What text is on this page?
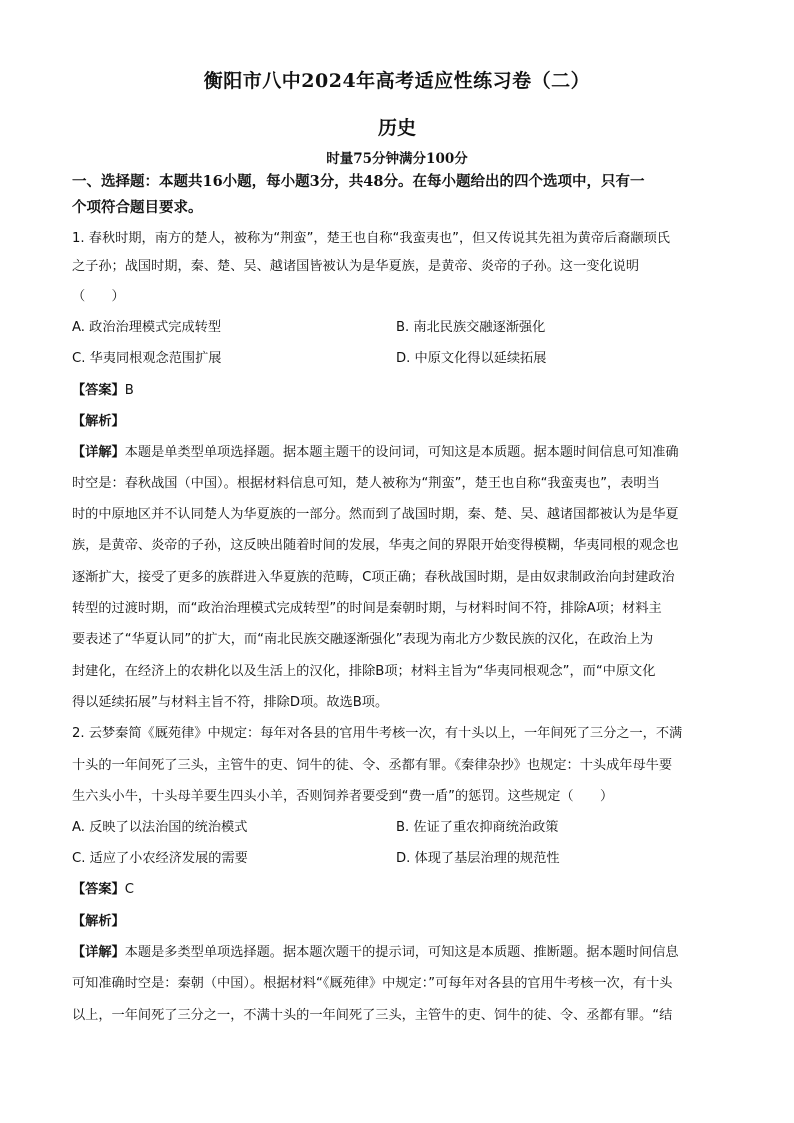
衡阳市八中2024年高考适应性练习卷（二）
历史
时量75分钟满分100分
一、选择题：本题共16小题，每小题3分，共48分。在每小题给出的四个选项中，只有一
个项符合题目要求。
1. 春秋时期，南方的楚人，被称为“荆蛮”，楚王也自称“我蛮夷也”，但又传说其先祖为黄帝后裔颛顼氏
之子孙；战国时期，秦、楚、吴、越诸国皆被认为是华夏族，是黄帝、炎帝的子孙。这一变化说明
（　　）
A. 政治治理模式完成转型	B. 南北民族交融逐渐强化
C. 华夷同根观念范围扩展	D. 中原文化得以延续拓展
【答案】B
【解析】
【详解】本题是单类型单项选择题。据本题主题干的设问词，可知这是本质题。据本题时间信息可知准确
时空是：春秋战国（中国）。根据材料信息可知，楚人被称为“荆蛮”，楚王也自称“我蛮夷也”，表明当
时的中原地区并不认同楚人为华夏族的一部分。然而到了战国时期，秦、楚、吴、越诸国都被认为是华夏
族，是黄帝、炎帝的子孙，这反映出随着时间的发展，华夷之间的界限开始变得模糊，华夷同根的观念也
逐渐扩大，接受了更多的族群进入华夏族的范畴，C项正确；春秋战国时期，是由奴隶制政治向封建政治
转型的过渡时期，而“政治治理模式完成转型”的时间是秦朝时期，与材料时间不符，排除A项；材料主
要表述了“华夏认同”的扩大，而“南北民族交融逐渐强化”表现为南北方少数民族的汉化，在政治上为
封建化，在经济上的农耕化以及生活上的汉化，排除B项；材料主旨为“华夷同根观念”，而“中原文化
得以延续拓展”与材料主旨不符，排除D项。故选B项。
2. 云梦秦简《厩苑律》中规定：每年对各县的官用牛考核一次，有十头以上，一年间死了三分之一，不满
十头的一年间死了三头，主管牛的吏、饲牛的徒、令、丞都有罪。《秦律杂抄》也规定：十头成年母牛要
生六头小牛，十头母羊要生四头小羊，否则饲养者要受到“费一盾”的惩罚。这些规定（　　）
A. 反映了以法治国的统治模式	B. 佐证了重农抑商统治政策
C. 适应了小农经济发展的需要	D. 体现了基层治理的规范性
【答案】C
【解析】
【详解】本题是多类型单项选择题。据本题次题干的提示词，可知这是本质题、推断题。据本题时间信息
可知准确时空是：秦朝（中国）。根据材料“《厩苑律》中规定：”可每年对各县的官用牛考核一次，有十头
以上，一年间死了三分之一，不满十头的一年间死了三头，主管牛的吏、饲牛的徒、令、丞都有罪。“结
